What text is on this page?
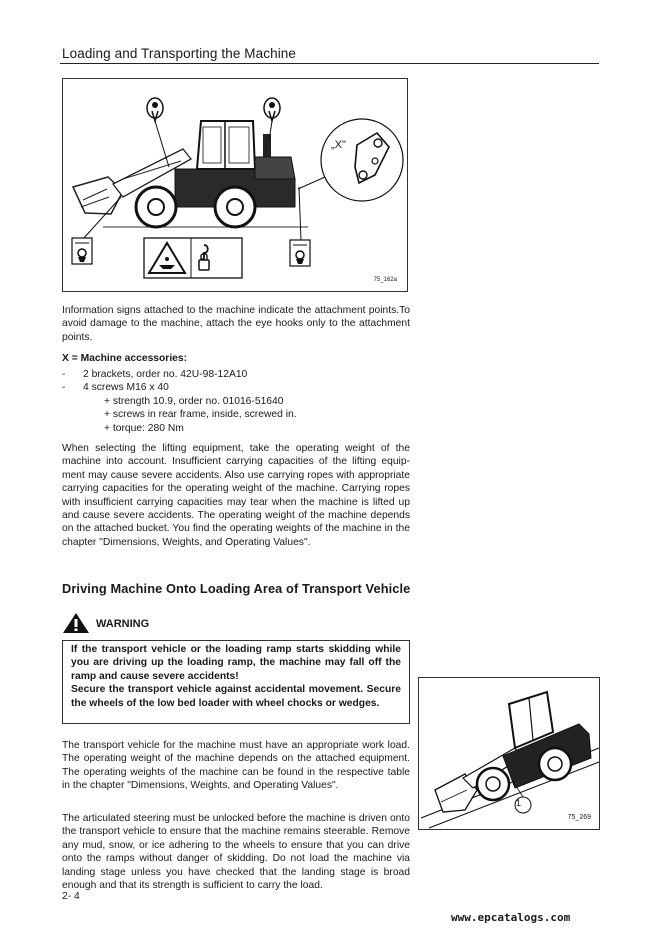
Loading and Transporting the Machine
„X"
75_162a

Information signs attached to the machine indicate the attachment points.To avoid damage to the machine, attach the eye hooks only to the attachment points.

X = Machine accessories:

- 2 brackets, order no. 42U-98-12A10
- 4 screws M16 x 40
+ strength 10.9, order no. 01016-51640
+ screws in rear frame, inside, screwed in.
+ torque: 280 Nm

When selecting the lifting equipment, take the operating weight of the machine into account. Insufficient carrying capacities of the lifting equip-ment may cause severe accidents. Also use carrying ropes with appropriate carrying capacities for the operating weight of the machine. Carrying ropes with insufficient carrying capacities may tear when the machine is lifted up and cause severe accidents. The operating weight of the machine depends on the attached bucket. You find the operating weights of the machine in the chapter "Dimensions, Weights, and Operating Values".

Driving Machine Onto Loading Area of Transport Vehicle
WARNING

If the transport vehicle or the loading ramp starts skidding while you are driving up the loading ramp, the machine may fall off the ramp and cause severe accidents!

Secure the transport vehicle against accidental movement. Secure the wheels of the low bed loader with wheel chocks or wedges.

The transport vehicle for the machine must have an appropriate work load. The operating weight of the machine depends on the attached equipment. The operating weights of the machine can be found in the respective table in the chapter "Dimensions, Weights, and Operating Values".

The articulated steering must be unlocked before the machine is driven onto the transport vehicle to ensure that the machine remains steerable. Remove any mud, snow, or ice adhering to the wheels to ensure that you can drive onto the ramps without danger of skidding. Do not load the machine via landing stage unless you have checked that the landing stage is broad enough and that its strength is sufficient to carry the load.

1
75_269
2- 4
www.epcatalogs.com
